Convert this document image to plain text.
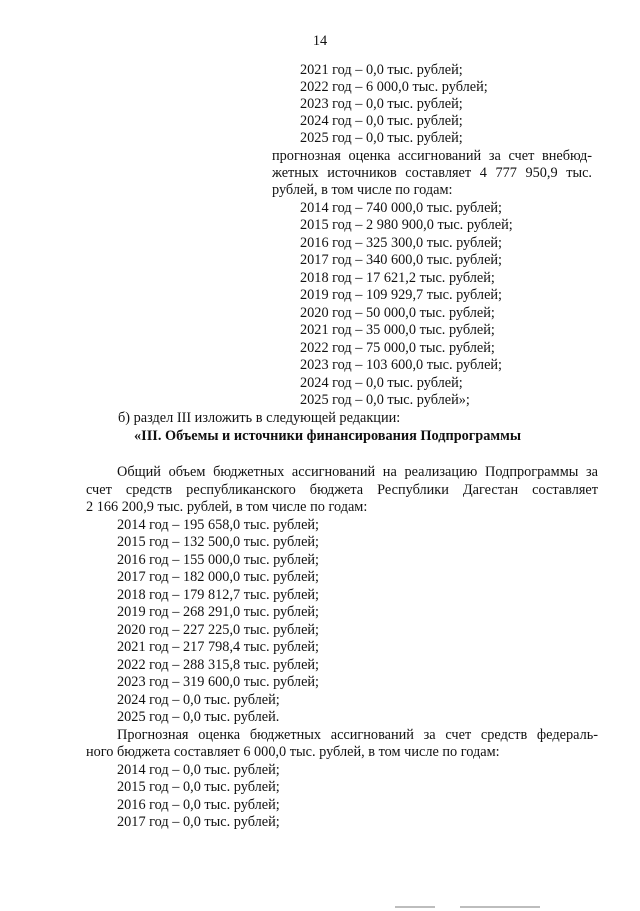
14
2021 год – 0,0 тыс. рублей;
2022 год – 6 000,0 тыс. рублей;
2023 год – 0,0 тыс. рублей;
2024 год – 0,0 тыс. рублей;
2025 год – 0,0 тыс. рублей;
прогнозная оценка ассигнований за счет внебюд-
жетных источников составляет 4 777 950,9 тыс.
рублей, в том числе по годам:
2014 год – 740 000,0 тыс. рублей;
2015 год – 2 980 900,0 тыс. рублей;
2016 год – 325 300,0 тыс. рублей;
2017 год – 340 600,0 тыс. рублей;
2018 год – 17 621,2 тыс. рублей;
2019 год – 109 929,7 тыс. рублей;
2020 год – 50 000,0 тыс. рублей;
2021 год – 35 000,0 тыс. рублей;
2022 год – 75 000,0 тыс. рублей;
2023 год – 103 600,0 тыс. рублей;
2024 год – 0,0 тыс. рублей;
2025 год – 0,0 тыс. рублей»;
б) раздел III изложить в следующей редакции:
«III. Объемы и источники финансирования Подпрограммы
Общий объем бюджетных ассигнований на реализацию Подпрограммы за
счет средств республиканского бюджета Республики Дагестан составляет
2 166 200,9 тыс. рублей, в том числе по годам:
2014 год – 195 658,0 тыс. рублей;
2015 год – 132 500,0 тыс. рублей;
2016 год – 155 000,0 тыс. рублей;
2017 год – 182 000,0 тыс. рублей;
2018 год – 179 812,7 тыс. рублей;
2019 год – 268 291,0 тыс. рублей;
2020 год – 227 225,0 тыс. рублей;
2021 год – 217 798,4 тыс. рублей;
2022 год – 288 315,8 тыс. рублей;
2023 год – 319 600,0 тыс. рублей;
2024 год – 0,0 тыс. рублей;
2025 год – 0,0 тыс. рублей.
Прогнозная оценка бюджетных ассигнований за счет средств федераль-
ного бюджета составляет 6 000,0 тыс. рублей, в том числе по годам:
2014 год – 0,0 тыс. рублей;
2015 год – 0,0 тыс. рублей;
2016 год – 0,0 тыс. рублей;
2017 год – 0,0 тыс. рублей;
